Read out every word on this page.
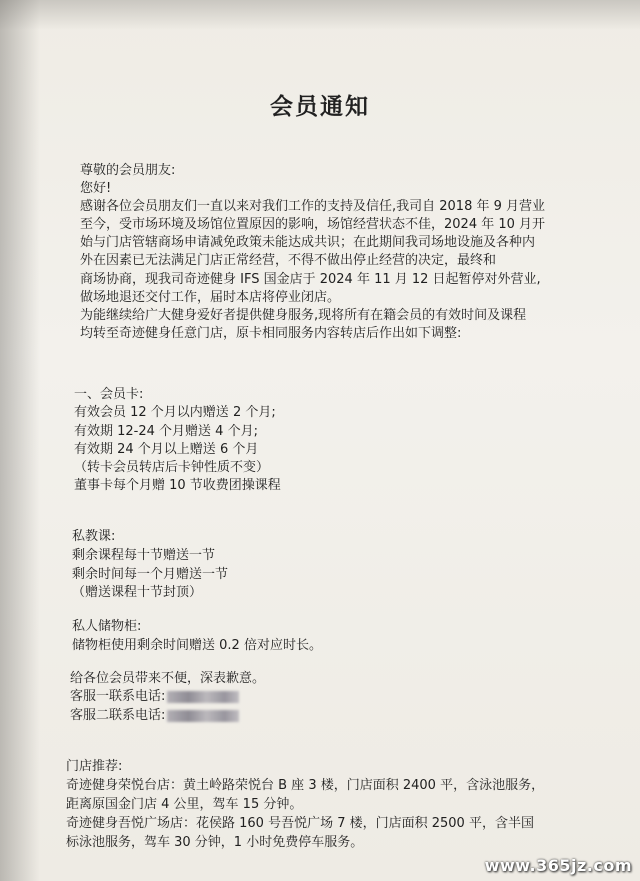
会员通知
尊敬的会员朋友:
您好!
感谢各位会员朋友们一直以来对我们工作的支持及信任,我司自 2018 年 9 月营业
至今，受市场环境及场馆位置原因的影响，场馆经营状态不佳，2024 年 10 月开
始与门店管辖商场申请减免政策未能达成共识；在此期间我司场地设施及各种内
外在因素已无法满足门店正常经营，不得不做出停止经营的决定，最终和
商场协商，现我司奇迹健身 IFS 国金店于 2024 年 11 月 12 日起暂停对外营业,
做场地退还交付工作，届时本店将停业闭店。
为能继续给广大健身爱好者提供健身服务,现将所有在籍会员的有效时间及课程
均转至奇迹健身任意门店，原卡相同服务内容转店后作出如下调整:
一、会员卡:
有效会员 12 个月以内赠送 2 个月;
有效期 12-24 个月赠送 4 个月;
有效期 24 个月以上赠送 6 个月
（转卡会员转店后卡钟性质不变）
董事卡每个月赠 10 节收费团操课程
私教课:
剩余课程每十节赠送一节
剩余时间每一个月赠送一节
（赠送课程十节封顶）
私人储物柜:
储物柜使用剩余时间赠送 0.2 倍对应时长。
给各位会员带来不便，深表歉意。
客服一联系电话:
客服二联系电话:
门店推荐:
奇迹健身荣悦台店：黄土岭路荣悦台 B 座 3 楼，门店面积 2400 平，含泳池服务，
距离原国金门店 4 公里，驾车 15 分钟。
奇迹健身吾悦广场店：花侯路 160 号吾悦广场 7 楼，门店面积 2500 平，含半国
标泳池服务，驾车 30 分钟，1 小时免费停车服务。
www.365jz.com
